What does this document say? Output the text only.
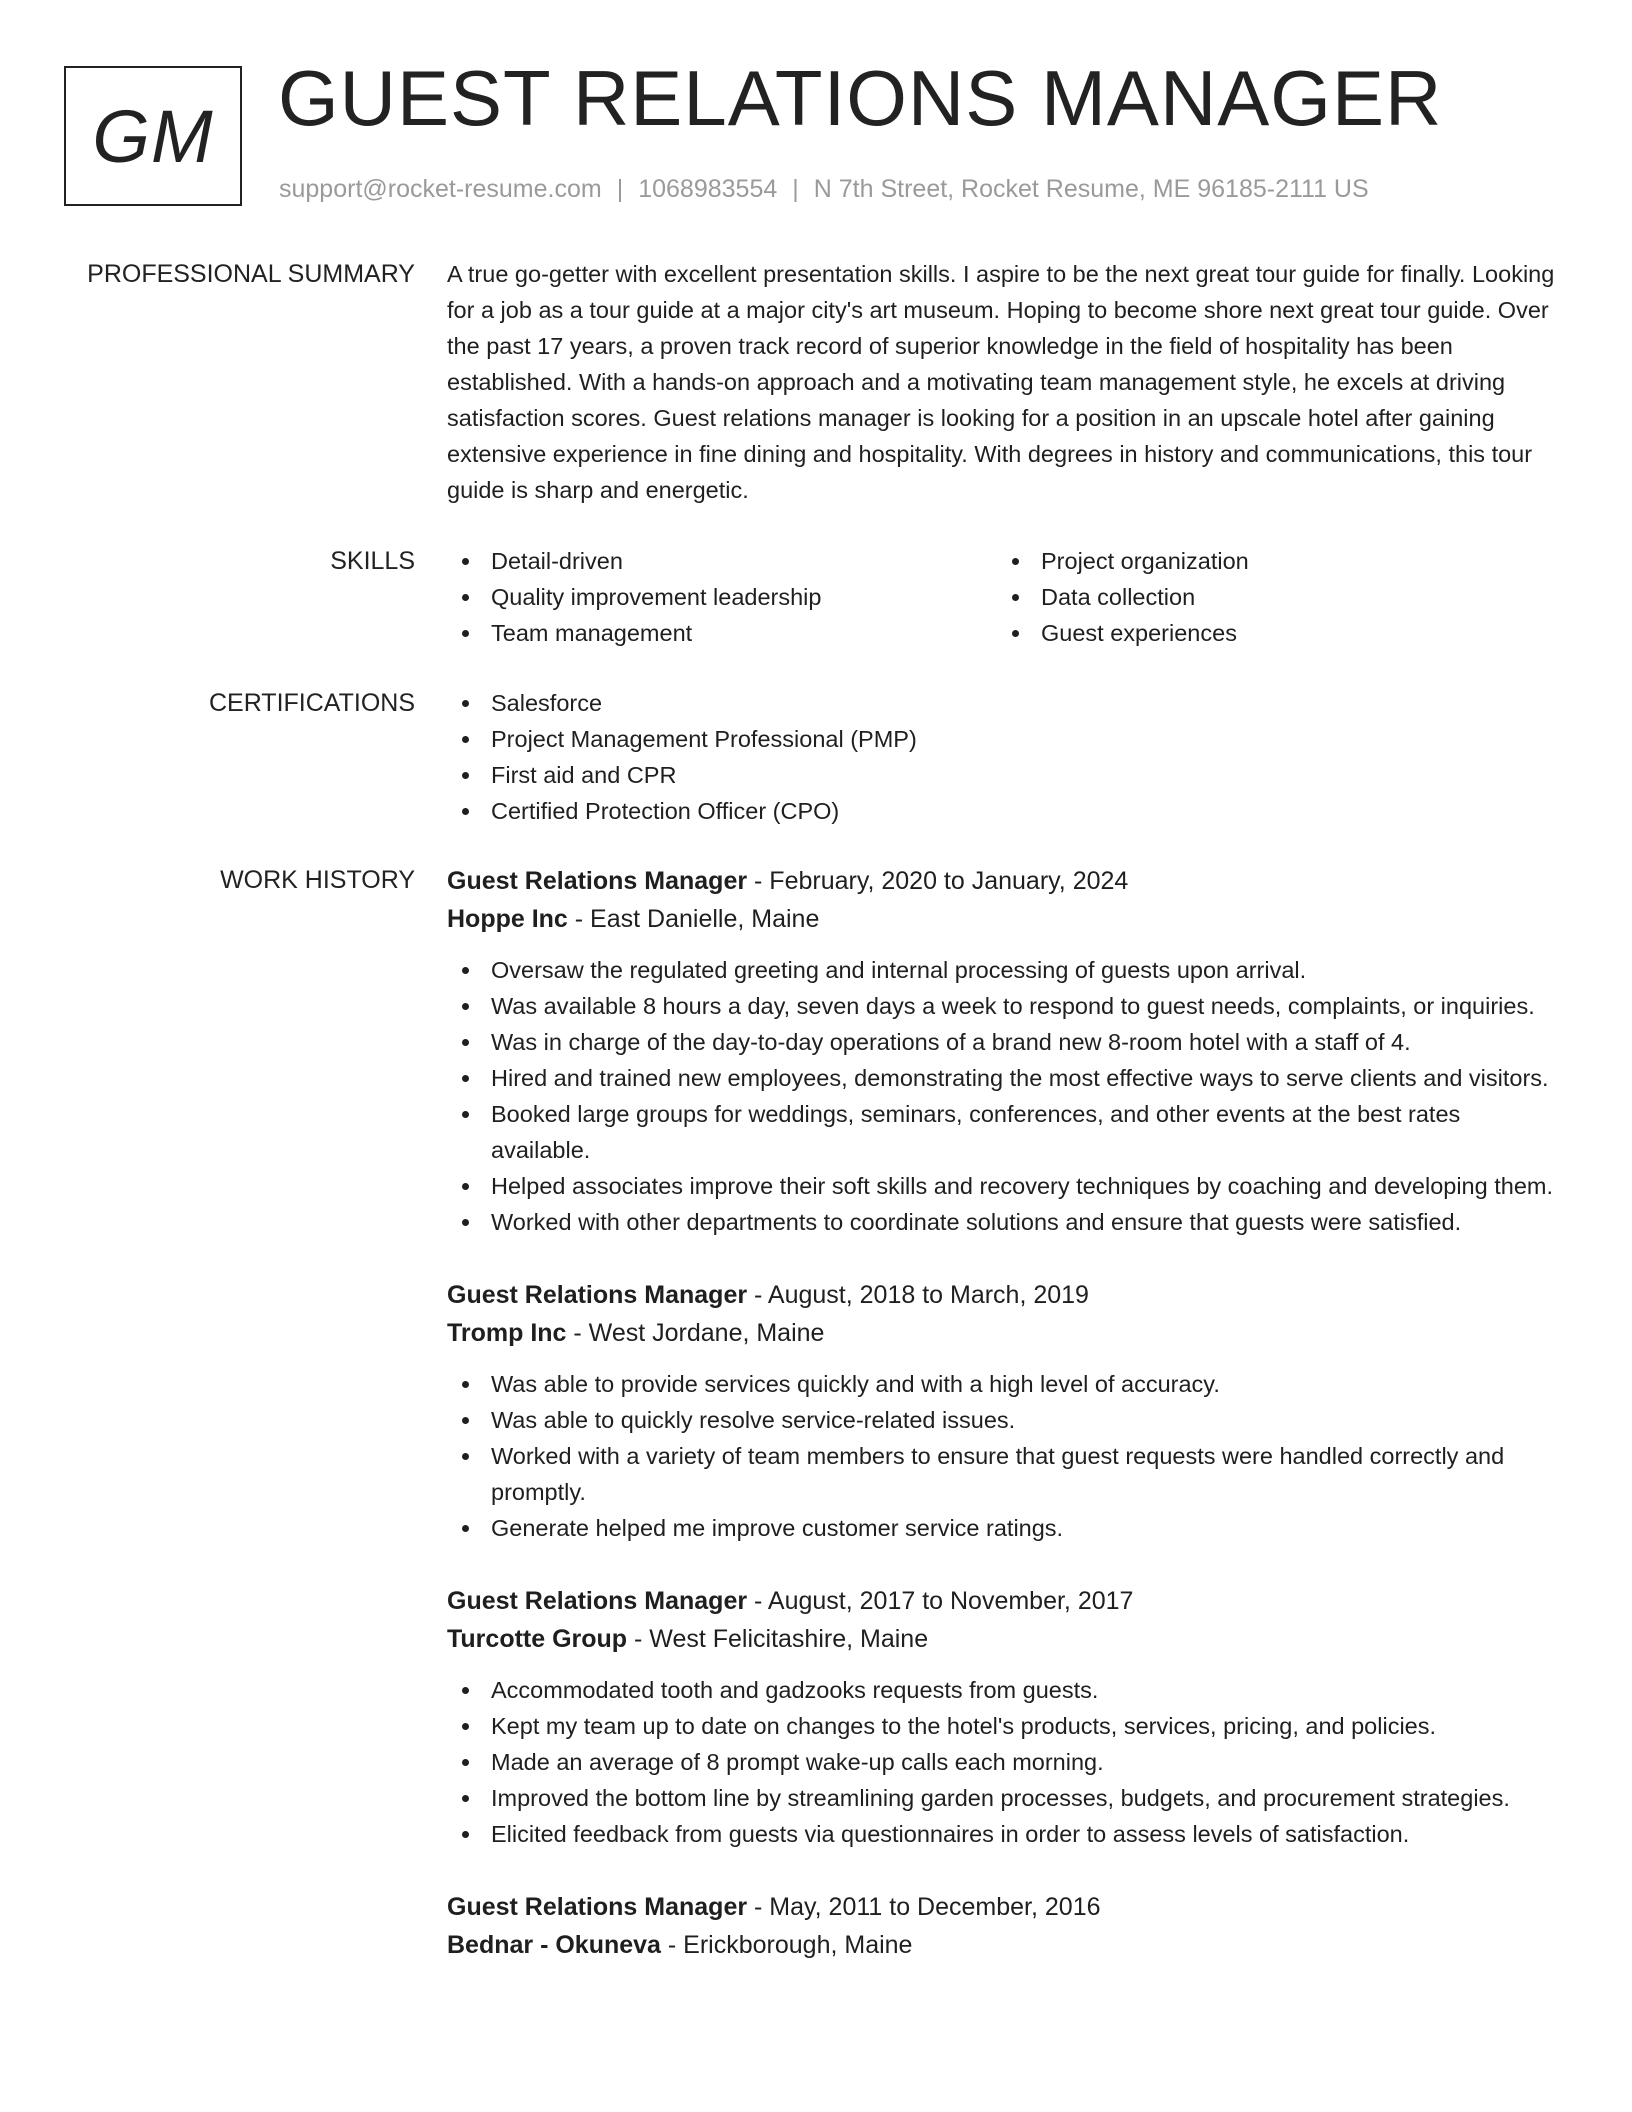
GM GUEST RELATIONS MANAGER
support@rocket-resume.com | 1068983554 | N 7th Street, Rocket Resume, ME 96185-2111 US
PROFESSIONAL SUMMARY A true go-getter with excellent presentation skills. I aspire to be the next great tour guide for finally. Looking for a job as a tour guide at a major city's art museum. Hoping to become shore next great tour guide. Over the past 17 years, a proven track record of superior knowledge in the field of hospitality has been established. With a hands-on approach and a motivating team management style, he excels at driving satisfaction scores. Guest relations manager is looking for a position in an upscale hotel after gaining extensive experience in fine dining and hospitality. With degrees in history and communications, this tour guide is sharp and energetic.

SKILLS	Detail-driven
Quality improvement leadership
Team management
Project organization
Data collection
Guest experiences
CERTIFICATIONS	Salesforce
Project Management Professional (PMP)
First aid and CPR
Certified Protection Officer (CPO)
WORK HISTORY Guest Relations Manager - February, 2020 to January, 2024
Hoppe Inc - East Danielle, Maine
Oversaw the regulated greeting and internal processing of guests upon arrival.
Was available 8 hours a day, seven days a week to respond to guest needs, complaints, or inquiries.
Was in charge of the day-to-day operations of a brand new 8-room hotel with a staff of 4.
Hired and trained new employees, demonstrating the most effective ways to serve clients and visitors.
Booked large groups for weddings, seminars, conferences, and other events at the best rates available.
Helped associates improve their soft skills and recovery techniques by coaching and developing them.
Worked with other departments to coordinate solutions and ensure that guests were satisfied.
Guest Relations Manager - August, 2018 to March, 2019
Tromp Inc - West Jordane, Maine
Was able to provide services quickly and with a high level of accuracy.
Was able to quickly resolve service-related issues.
Worked with a variety of team members to ensure that guest requests were handled correctly and promptly.
Generate helped me improve customer service ratings.
Guest Relations Manager - August, 2017 to November, 2017
Turcotte Group - West Felicitashire, Maine
Accommodated tooth and gadzooks requests from guests.
Kept my team up to date on changes to the hotel's products, services, pricing, and policies.
Made an average of 8 prompt wake-up calls each morning.
Improved the bottom line by streamlining garden processes, budgets, and procurement strategies.
Elicited feedback from guests via questionnaires in order to assess levels of satisfaction.
Guest Relations Manager - May, 2011 to December, 2016
Bednar - Okuneva - Erickborough, Maine
